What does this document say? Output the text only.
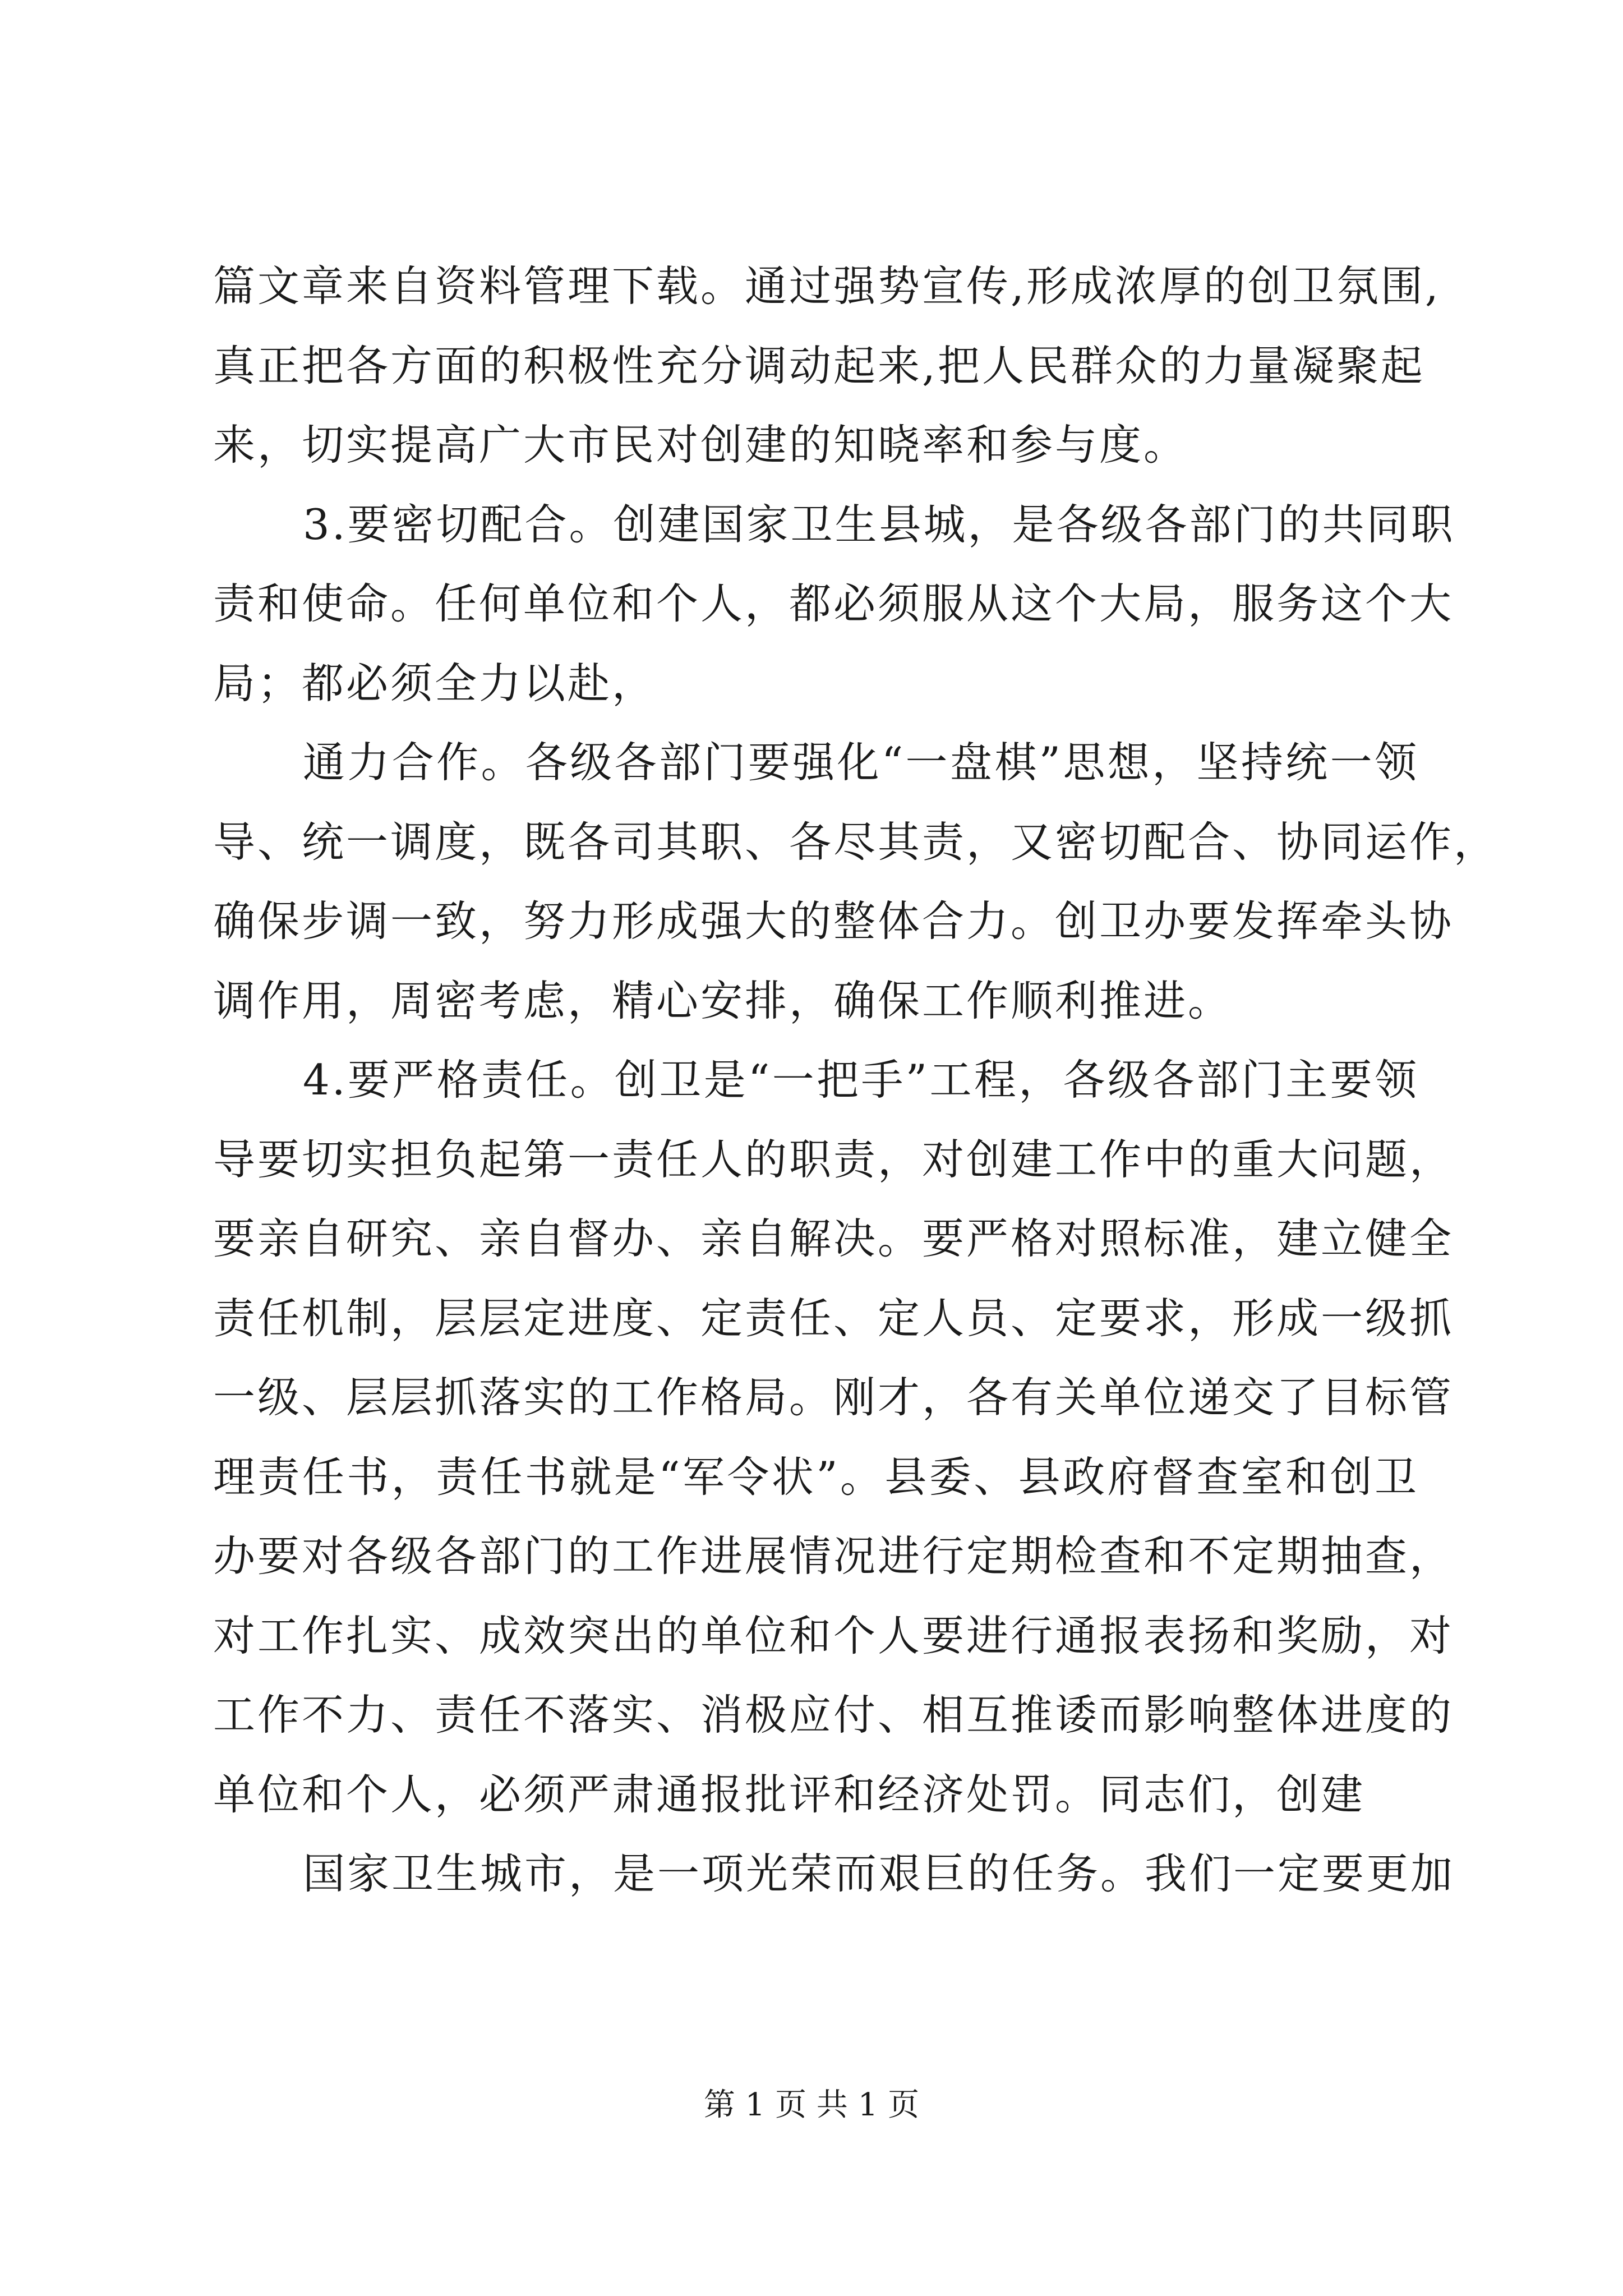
篇文章来自资料管理下载。通过强势宣传,形成浓厚的创卫氛围,
真正把各方面的积极性充分调动起来,把人民群众的力量凝聚起
来，切实提高广大市民对创建的知晓率和参与度。
3.要密切配合。创建国家卫生县城，是各级各部门的共同职
责和使命。任何单位和个人，都必须服从这个大局，服务这个大
局；都必须全力以赴，
通力合作。各级各部门要强化“一盘棋”思想，坚持统一领
导、统一调度，既各司其职、各尽其责，又密切配合、协同运作，
确保步调一致，努力形成强大的整体合力。创卫办要发挥牵头协
调作用，周密考虑，精心安排，确保工作顺利推进。
4.要严格责任。创卫是“一把手”工程，各级各部门主要领
导要切实担负起第一责任人的职责，对创建工作中的重大问题，
要亲自研究、亲自督办、亲自解决。要严格对照标准，建立健全
责任机制，层层定进度、定责任、定人员、定要求，形成一级抓
一级、层层抓落实的工作格局。刚才，各有关单位递交了目标管
理责任书，责任书就是“军令状”。县委、县政府督查室和创卫
办要对各级各部门的工作进展情况进行定期检查和不定期抽查，
对工作扎实、成效突出的单位和个人要进行通报表扬和奖励，对
工作不力、责任不落实、消极应付、相互推诿而影响整体进度的
单位和个人，必须严肃通报批评和经济处罚。同志们，创建
国家卫生城市，是一项光荣而艰巨的任务。我们一定要更加
第 1 页 共 1 页
